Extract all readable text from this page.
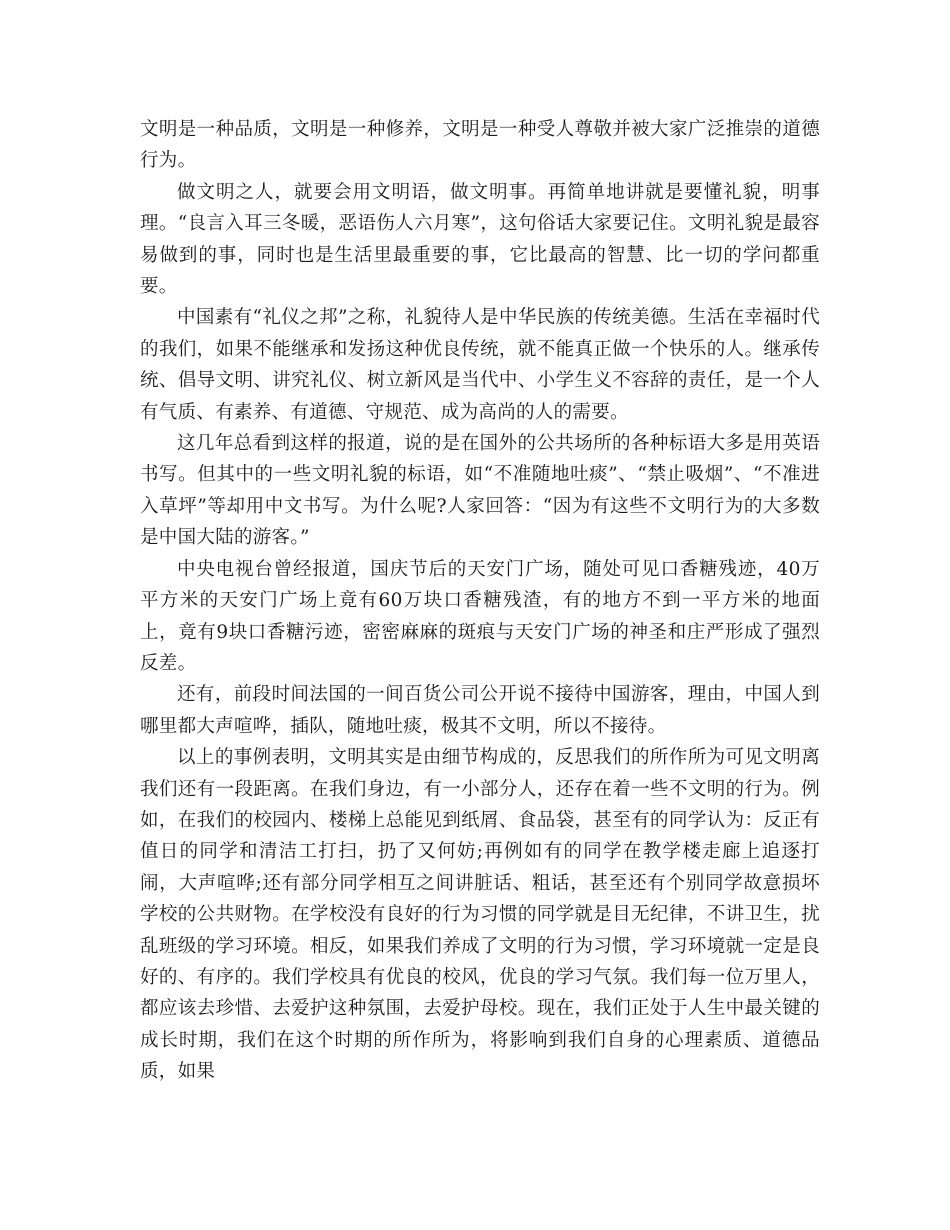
文明是一种品质，文明是一种修养，文明是一种受人尊敬并被大家广泛推崇的道德行为。

做文明之人，就要会用文明语，做文明事。再简单地讲就是要懂礼貌，明事理。“良言入耳三冬暖，恶语伤人六月寒”，这句俗话大家要记住。文明礼貌是最容易做到的事，同时也是生活里最重要的事，它比最高的智慧、比一切的学问都重要。

中国素有“礼仪之邦”之称，礼貌待人是中华民族的传统美德。生活在幸福时代的我们，如果不能继承和发扬这种优良传统，就不能真正做一个快乐的人。继承传统、倡导文明、讲究礼仪、树立新风是当代中、小学生义不容辞的责任，是一个人有气质、有素养、有道德、守规范、成为高尚的人的需要。

这几年总看到这样的报道，说的是在国外的公共场所的各种标语大多是用英语书写。但其中的一些文明礼貌的标语，如“不准随地吐痰”、“禁止吸烟”、“不准进入草坪”等却用中文书写。为什么呢?人家回答：“因为有这些不文明行为的大多数是中国大陆的游客。”

中央电视台曾经报道，国庆节后的天安门广场，随处可见口香糖残迹，40万平方米的天安门广场上竟有60万块口香糖残渣，有的地方不到一平方米的地面上，竟有9块口香糖污迹，密密麻麻的斑痕与天安门广场的神圣和庄严形成了强烈反差。

还有，前段时间法国的一间百货公司公开说不接待中国游客，理由，中国人到哪里都大声喧哗，插队，随地吐痰，极其不文明，所以不接待。

以上的事例表明，文明其实是由细节构成的，反思我们的所作所为可见文明离我们还有一段距离。在我们身边，有一小部分人，还存在着一些不文明的行为。例如，在我们的校园内、楼梯上总能见到纸屑、食品袋，甚至有的同学认为：反正有值日的同学和清洁工打扫，扔了又何妨;再例如有的同学在教学楼走廊上追逐打闹，大声喧哗;还有部分同学相互之间讲脏话、粗话，甚至还有个别同学故意损坏学校的公共财物。在学校没有良好的行为习惯的同学就是目无纪律，不讲卫生，扰乱班级的学习环境。相反，如果我们养成了文明的行为习惯，学习环境就一定是良好的、有序的。我们学校具有优良的校风，优良的学习气氛。我们每一位万里人，都应该去珍惜、去爱护这种氛围，去爱护母校。现在，我们正处于人生中最关键的成长时期，我们在这个时期的所作所为，将影响到我们自身的心理素质、道德品质，如果
